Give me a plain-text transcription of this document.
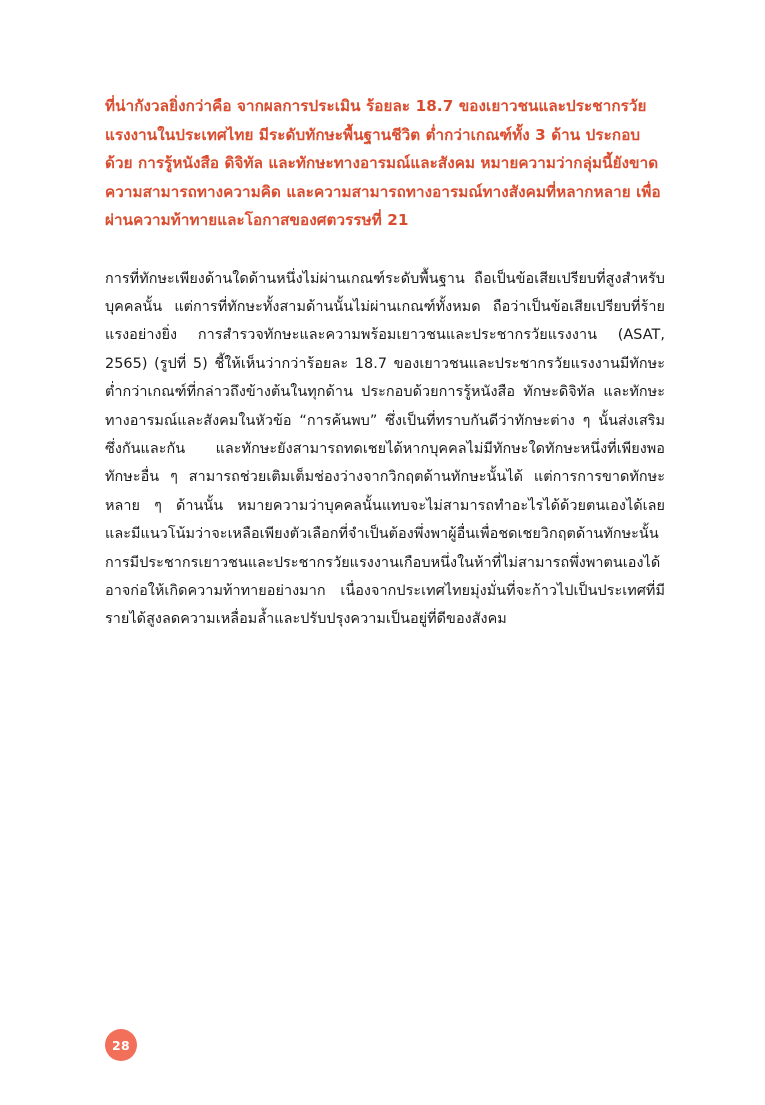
ที่น่ากังวลยิ่งกว่าคือ จากผลการประเมิน ร้อยละ 18.7 ของเยาวชนและประชากรวัยแรงงานในประเทศไทย มีระดับทักษะพื้นฐานชีวิต ต่ำกว่าเกณฑ์ทั้ง 3 ด้าน ประกอบด้วย การรู้หนังสือ ดิจิทัล และทักษะทางอารมณ์และสังคม หมายความว่ากลุ่มนี้ยังขาดความสามารถทางความคิด และความสามารถทางอารมณ์ทางสังคมที่หลากหลาย เพื่อผ่านความท้าทายและโอกาสของศตวรรษที่ 21

การที่ทักษะเพียงด้านใดด้านหนึ่งไม่ผ่านเกณฑ์ระดับพื้นฐาน ถือเป็นข้อเสียเปรียบที่สูงสำหรับบุคคลนั้น แต่การที่ทักษะทั้งสามด้านนั้นไม่ผ่านเกณฑ์ทั้งหมด ถือว่าเป็นข้อเสียเปรียบที่ร้ายแรงอย่างยิ่ง การสำรวจทักษะและความพร้อมเยาวชนและประชากรวัยแรงงาน (ASAT, 2565) (รูปที่ 5) ชี้ให้เห็นว่ากว่าร้อยละ 18.7 ของเยาวชนและประชากรวัยแรงงานมีทักษะต่ำกว่าเกณฑ์ที่กล่าวถึงข้างต้นในทุกด้าน ประกอบด้วยการรู้หนังสือ ทักษะดิจิทัล และทักษะทางอารมณ์และสังคมในหัวข้อ “การค้นพบ” ซึ่งเป็นที่ทราบกันดีว่าทักษะต่าง ๆ นั้นส่งเสริมซึ่งกันและกัน และทักษะยังสามารถทดเชยได้หากบุคคลไม่มีทักษะใดทักษะหนึ่งที่เพียงพอ ทักษะอื่น ๆ สามารถช่วยเติมเต็มช่องว่างจากวิกฤตด้านทักษะนั้นได้ แต่การการขาดทักษะหลาย ๆ ด้านนั้น หมายความว่าบุคคลนั้นแทบจะไม่สามารถทำอะไรได้ด้วยตนเองได้เลย และมีแนวโน้มว่าจะเหลือเพียงตัวเลือกที่จำเป็นต้องพึ่งพาผู้อื่นเพื่อชดเชยวิกฤตด้านทักษะนั้น การมีประชากรเยาวชนและประชากรวัยแรงงานเกือบหนึ่งในห้าที่ไม่สามารถพึ่งพาตนเองได้ อาจก่อให้เกิดความท้าทายอย่างมาก เนื่องจากประเทศไทยมุ่งมั่นที่จะก้าวไปเป็นประเทศที่มีรายได้สูงลดความเหลื่อมล้ำและปรับปรุงความเป็นอยู่ที่ดีของสังคม

28
